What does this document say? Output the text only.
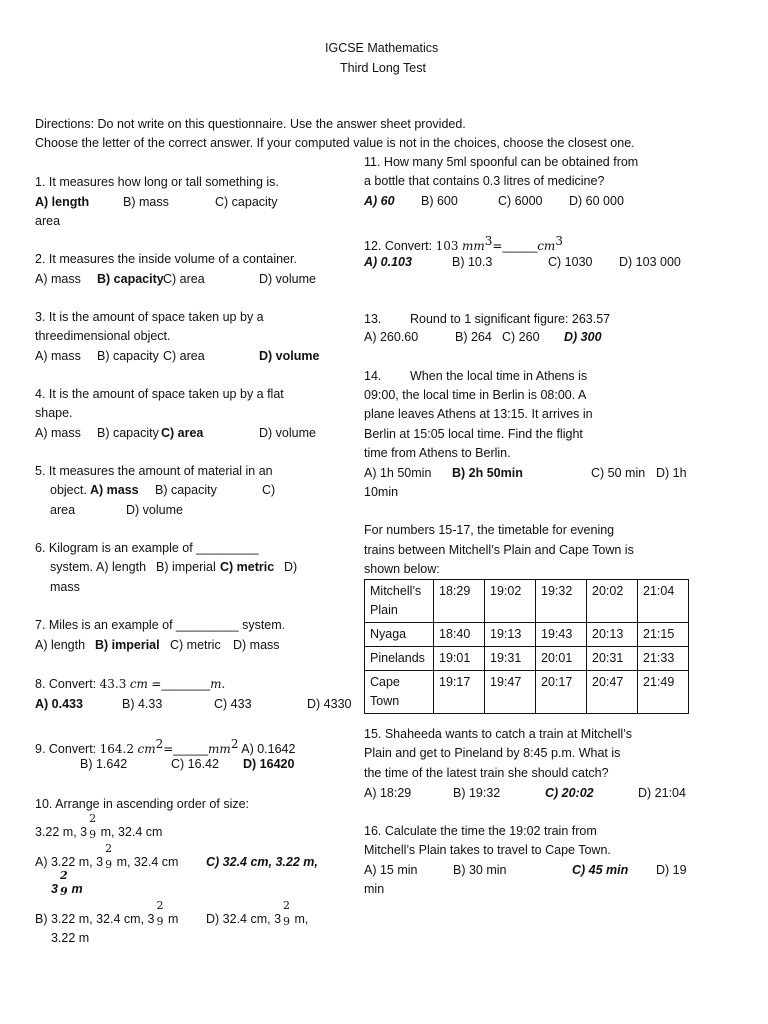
IGCSE Mathematics
Third Long Test
Directions: Do not write on this questionnaire. Use the answer sheet provided.
Choose the letter of the correct answer. If your computed value is not in the choices, choose the closest one.
1. It measures how long or tall something is.
A) length	B) mass	C) capacity
area
2. It measures the inside volume of a container.
A) mass B) capacity C) area	D) volume
3. It is the amount of space taken up by a
threedimensional object.
A) mass B) capacity C) area	D) volume
4. It is the amount of space taken up by a flat
shape.
A) mass B) capacity C) area	D) volume
5. It measures the amount of material in an
object. A) mass B) capacity	C)
area	D) volume
6. Kilogram is an example of _________
system. A) length B) imperial C) metric D)
mass
7. Miles is an example of _________ system.
A) length B) imperial C) metric D) mass
8. Convert: 43.3 cm =_______m.
A) 0.433	B) 4.33	C) 433	D) 4330
9. Convert: 164.2 $cm^2=\_\_\_\_\_mm^2$ A) 0.1642
B) 1.642	C) 16.42 D) 16420
10. Arrange in ascending order of size:
3.22 m, 3
2
9 m, 32.4 cm
A) 3.22 m, 3
2
9 m, 32.4 cm C) 32.4 cm, 3.22 m,
3
2
9 m
B) 3.22 m, 32.4 cm, 3
2
9 m D) 32.4 cm, 3
2
9 m,
3.22 m
11. How many 5ml spoonful can be obtained from
a bottle that contains 0.3 litres of medicine?
A) 60 B) 600	C) 6000 D) 60 000
12. Convert: 103 $mm^3=\_\_\_\_\_cm^3$
A) 0.103	B) 10.3	C) 1030 D) 103 000
13. Round to 1 significant figure: 263.57
A) 260.60	B) 264 C) 260 D) 300
14. When the local time in Athens is
09:00, the local time in Berlin is 08:00. A
plane leaves Athens at 13:15. It arrives in
Berlin at 15:05 local time. Find the flight
time from Athens to Berlin.
A) 1h 50min B) 2h 50min	C) 50 min D) 1h
10min
For numbers 15-17, the timetable for evening
trains between Mitchell’s Plain and Cape Town is
shown below:
Mitchell’s
Plain	18:29	19:02	19:32	20:02	21:04
Nyaga	18:40	19:13	19:43	20:13	21:15
Pinelands	19:01	19:31	20:01	20:31	21:33
Cape
Town	19:17	19:47	20:17	20:47	21:49
15. Shaheeda wants to catch a train at Mitchell’s
Plain and get to Pineland by 8:45 p.m. What is
the time of the latest train she should catch?
A) 18:29	B) 19:32	C) 20:02	D) 21:04
16. Calculate the time the 19:02 train from
Mitchell’s Plain takes to travel to Cape Town.
A) 15 min	B) 30 min	C) 45 min D) 19
min
